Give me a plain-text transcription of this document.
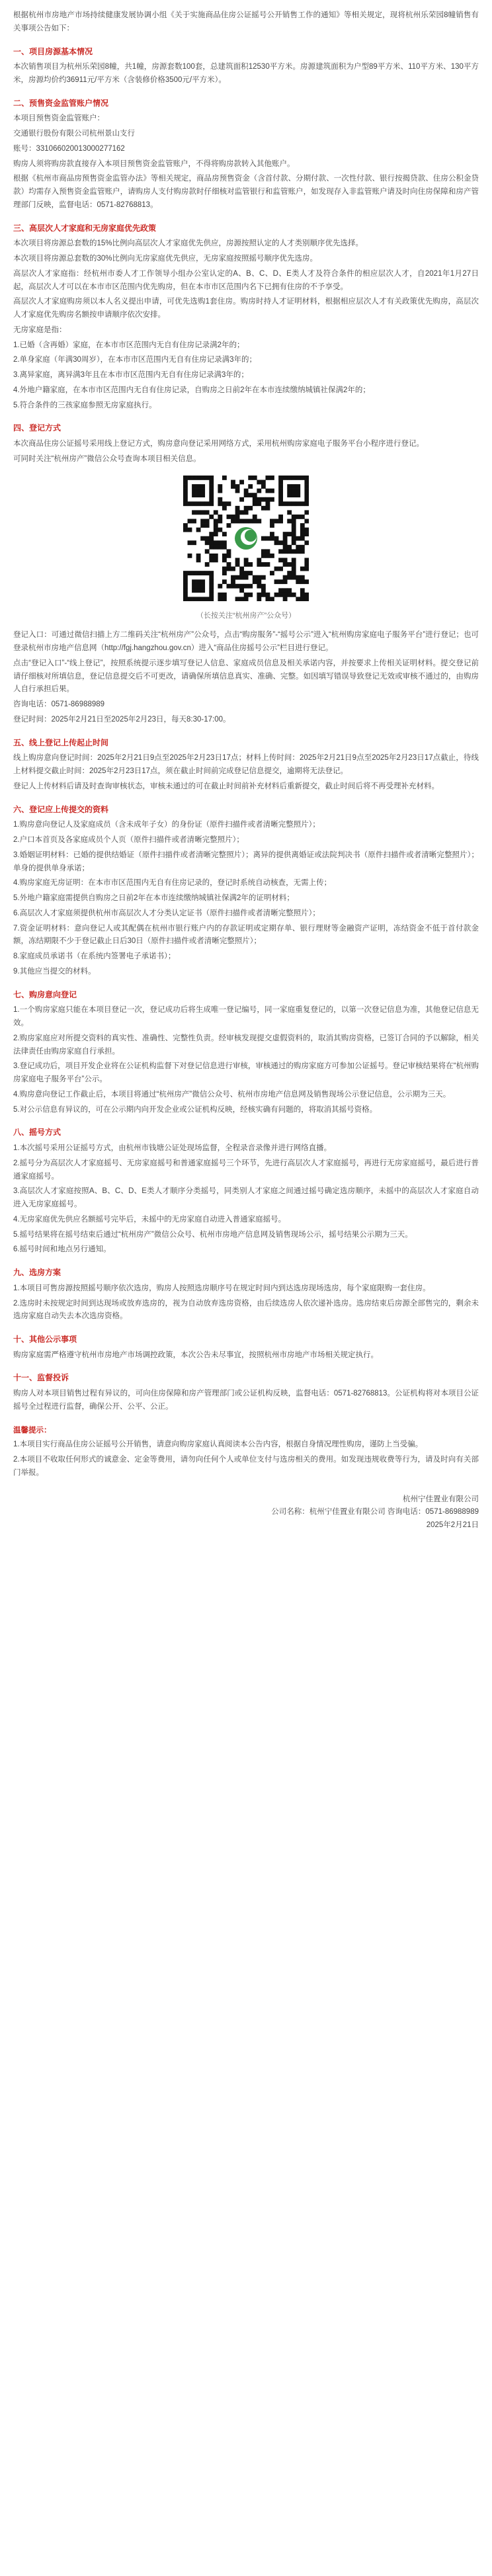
根据杭州市房地产市场持续健康发展协调小组《关于实施商品住房公证摇号公开销售工作的通知》等相关规定，现将杭州乐荣园8幢销售有关事项公告如下：

一、项目房源基本情况

本次销售项目为杭州乐荣园8幢，共1幢，房源套数100套，总建筑面积12530平方米。房源建筑面积为户型89平方米、110平方米、130平方米，房源均价约36911元/平方米（含装修价格3500元/平方米）。

二、预售资金监管账户情况

本项目预售资金监管账户：

交通银行股份有限公司杭州景山支行

账号：331066020013000277162

购房人须将购房款直接存入本项目预售资金监管账户，不得将购房款转入其他账户。

根据《杭州市商品房预售资金监管办法》等相关规定，商品房预售资金（含首付款、分期付款、一次性付款、银行按揭贷款、住房公积金贷款）均需存入预售资金监管账户，请购房人支付购房款时仔细核对监管银行和监管账户，如发现存入非监管账户请及时向住房保障和房产管理部门反映，监督电话：0571-82768813。

三、高层次人才家庭和无房家庭优先政策

本次项目将房源总套数的15%比例向高层次人才家庭优先供应，房源按照认定的人才类别顺序优先选择。

本次项目将房源总套数的30%比例向无房家庭优先供应，无房家庭按照摇号顺序优先选房。

高层次人才家庭指：经杭州市委人才工作领导小组办公室认定的A、B、C、D、E类人才及符合条件的相应层次人才，自2021年1月27日起，高层次人才可以在本市市区范围内优先购房，但在本市市区范围内名下已拥有住房的不予享受。

高层次人才家庭购房须以本人名义提出申请，可优先选购1套住房。购房时持人才证明材料，根据相应层次人才有关政策优先购房，高层次人才家庭优先购房名额按申请顺序依次安排。

无房家庭是指：

1.已婚（含再婚）家庭，在本市市区范围内无自有住房记录满2年的；

2.单身家庭（年满30周岁），在本市市区范围内无自有住房记录满3年的；

3.离异家庭，离异满3年且在本市市区范围内无自有住房记录满3年的；

4.外地户籍家庭，在本市市区范围内无自有住房记录，自购房之日前2年在本市连续缴纳城镇社保满2年的；

5.符合条件的三孩家庭参照无房家庭执行。

四、登记方式

本次商品住房公证摇号采用线上登记方式，购房意向登记采用网络方式，采用杭州购房家庭电子服务平台小程序进行登记。

可同时关注“杭州房产”微信公众号查询本项目相关信息。

（长按关注“杭州房产”公众号）

登记入口：可通过微信扫描上方二维码关注“杭州房产”公众号，点击“购房服务”-“摇号公示”进入“杭州购房家庭电子服务平台”进行登记；也可登录杭州市房地产信息网（http://fgj.hangzhou.gov.cn）进入“商品住房摇号公示”栏目进行登记。

点击“登记入口”-“线上登记”，按照系统提示逐步填写登记人信息、家庭成员信息及相关承诺内容，并按要求上传相关证明材料。提交登记前请仔细核对所填信息，登记信息提交后不可更改，请确保所填信息真实、准确、完整。如因填写错误导致登记无效或审核不通过的，由购房人自行承担后果。

咨询电话：0571-86988989

登记时间：2025年2月21日至2025年2月23日，每天8:30-17:00。

五、线上登记上传起止时间

线上购房意向登记时间：2025年2月21日9点至2025年2月23日17点；材料上传时间：2025年2月21日9点至2025年2月23日17点截止，待线上材料提交截止时间：2025年2月23日17点，须在截止时间前完成登记信息提交，逾期将无法登记。

登记人上传材料后请及时查询审核状态，审核未通过的可在截止时间前补充材料后重新提交，截止时间后将不再受理补充材料。

六、登记应上传提交的资料

1.购房意向登记人及家庭成员（含未成年子女）的身份证（原件扫描件或者清晰完整照片）；

2.户口本首页及各家庭成员个人页（原件扫描件或者清晰完整照片）；

3.婚姻证明材料：已婚的提供结婚证（原件扫描件或者清晰完整照片）；离异的提供离婚证或法院判决书（原件扫描件或者清晰完整照片）；单身的提供单身承诺；

4.购房家庭无房证明：在本市市区范围内无自有住房记录的，登记时系统自动核查，无需上传；

5.外地户籍家庭需提供自购房之日前2年在本市连续缴纳城镇社保满2年的证明材料；

6.高层次人才家庭须提供杭州市高层次人才分类认定证书（原件扫描件或者清晰完整照片）；

7.资金证明材料：意向登记人或其配偶在杭州市银行账户内的存款证明或定期存单、银行理财等金融资产证明，冻结资金不低于首付款金额，冻结期限不少于登记截止日后30日（原件扫描件或者清晰完整照片）；

8.家庭成员承诺书（在系统内签署电子承诺书）；

9.其他应当提交的材料。

七、购房意向登记

1.一个购房家庭只能在本项目登记一次，登记成功后将生成唯一登记编号，同一家庭重复登记的，以第一次登记信息为准，其他登记信息无效。

2.购房家庭应对所提交资料的真实性、准确性、完整性负责。经审核发现提交虚假资料的，取消其购房资格，已签订合同的予以解除，相关法律责任由购房家庭自行承担。

3.登记成功后，项目开发企业将在公证机构监督下对登记信息进行审核，审核通过的购房家庭方可参加公证摇号。登记审核结果将在“杭州购房家庭电子服务平台”公示。

4.购房意向登记工作截止后，本项目将通过“杭州房产”微信公众号、杭州市房地产信息网及销售现场公示登记信息，公示期为三天。

5.对公示信息有异议的，可在公示期内向开发企业或公证机构反映，经核实确有问题的，将取消其摇号资格。

八、摇号方式

1.本次摇号采用公证摇号方式，由杭州市钱塘公证处现场监督，全程录音录像并进行网络直播。

2.摇号分为高层次人才家庭摇号、无房家庭摇号和普通家庭摇号三个环节，先进行高层次人才家庭摇号，再进行无房家庭摇号，最后进行普通家庭摇号。

3.高层次人才家庭按照A、B、C、D、E类人才顺序分类摇号，同类别人才家庭之间通过摇号确定选房顺序，未摇中的高层次人才家庭自动进入无房家庭摇号。

4.无房家庭优先供应名额摇号完毕后，未摇中的无房家庭自动进入普通家庭摇号。

5.摇号结果将在摇号结束后通过“杭州房产”微信公众号、杭州市房地产信息网及销售现场公示，摇号结果公示期为三天。

6.摇号时间和地点另行通知。

九、选房方案

1.本项目可售房源按照摇号顺序依次选房，购房人按照选房顺序号在规定时间内到达选房现场选房，每个家庭限购一套住房。

2.选房时未按规定时间到达现场或放弃选房的，视为自动放弃选房资格，由后续选房人依次递补选房。选房结束后房源全部售完的，剩余未选房家庭自动失去本次选房资格。

十、其他公示事项

购房家庭需严格遵守杭州市房地产市场调控政策，本次公告未尽事宜，按照杭州市房地产市场相关规定执行。

十一、监督投诉

购房人对本项目销售过程有异议的，可向住房保障和房产管理部门或公证机构反映，监督电话：0571-82768813。公证机构将对本项目公证摇号全过程进行监督，确保公开、公平、公正。

温馨提示：

1.本项目实行商品住房公证摇号公开销售，请意向购房家庭认真阅读本公告内容，根据自身情况理性购房，谨防上当受骗。

2.本项目不收取任何形式的诚意金、定金等费用，请勿向任何个人或单位支付与选房相关的费用。如发现违规收费等行为，请及时向有关部门举报。

杭州宁佳置业有限公司
公司名称：杭州宁佳置业有限公司 咨询电话：0571-86988989
2025年2月21日
